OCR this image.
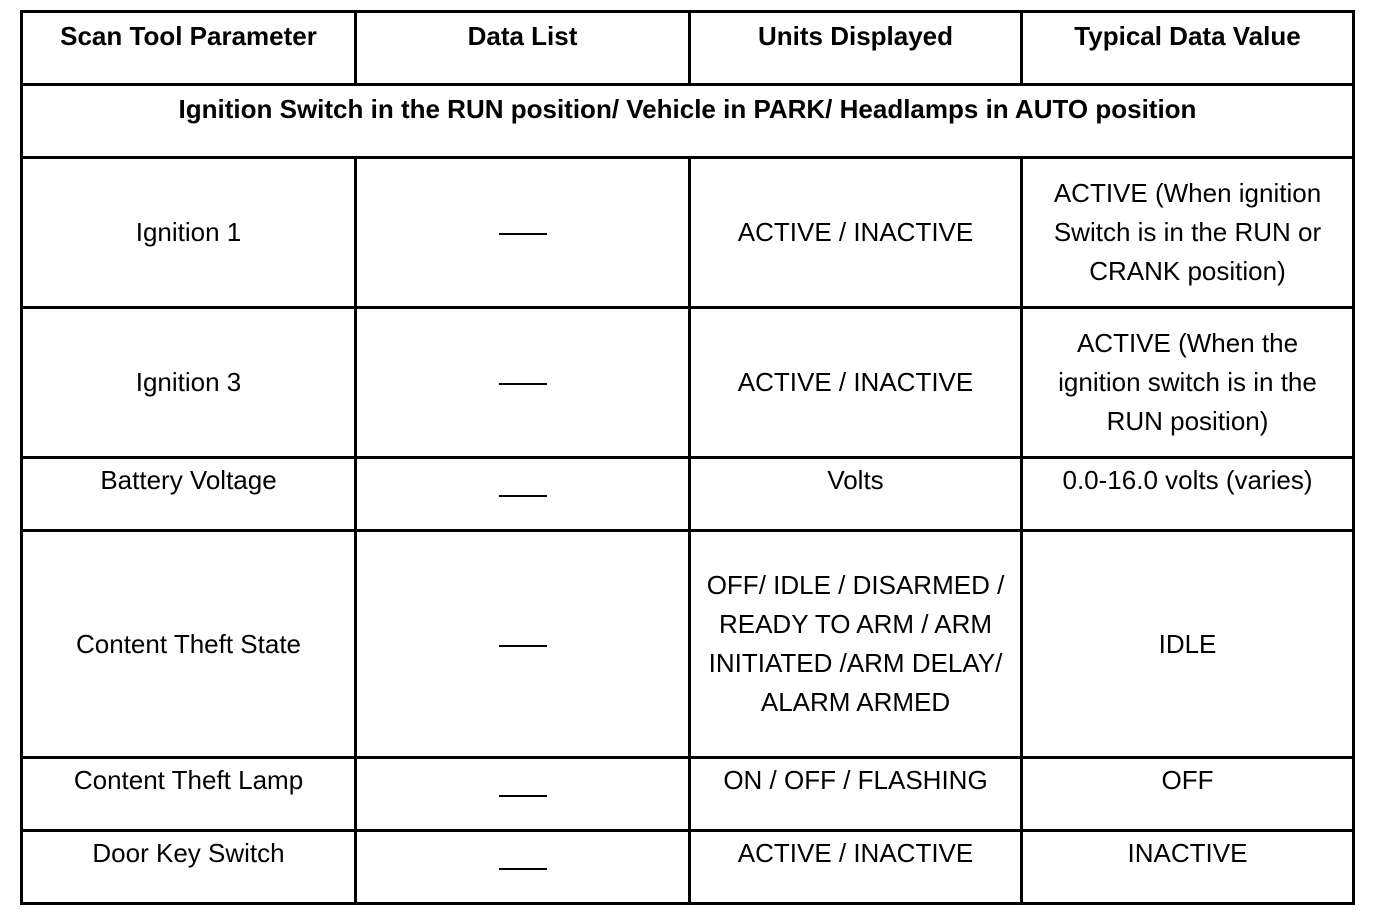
Scan Tool Parameter	Data List	Units Displayed	Typical Data Value
Ignition Switch in the RUN position/ Vehicle in PARK/ Headlamps in AUTO position			
Ignition 1		ACTIVE / INACTIVE	ACTIVE (When ignition Switch is in the RUN or CRANK position)
Ignition 3		ACTIVE / INACTIVE	ACTIVE (When the ignition switch is in the RUN position)
Battery Voltage		Volts	0.0-16.0 volts (varies)
Content Theft State		OFF/ IDLE / DISARMED / READY TO ARM / ARM INITIATED /ARM DELAY/ ALARM ARMED	IDLE
Content Theft Lamp		ON / OFF / FLASHING	OFF
Door Key Switch		ACTIVE / INACTIVE	INACTIVE
